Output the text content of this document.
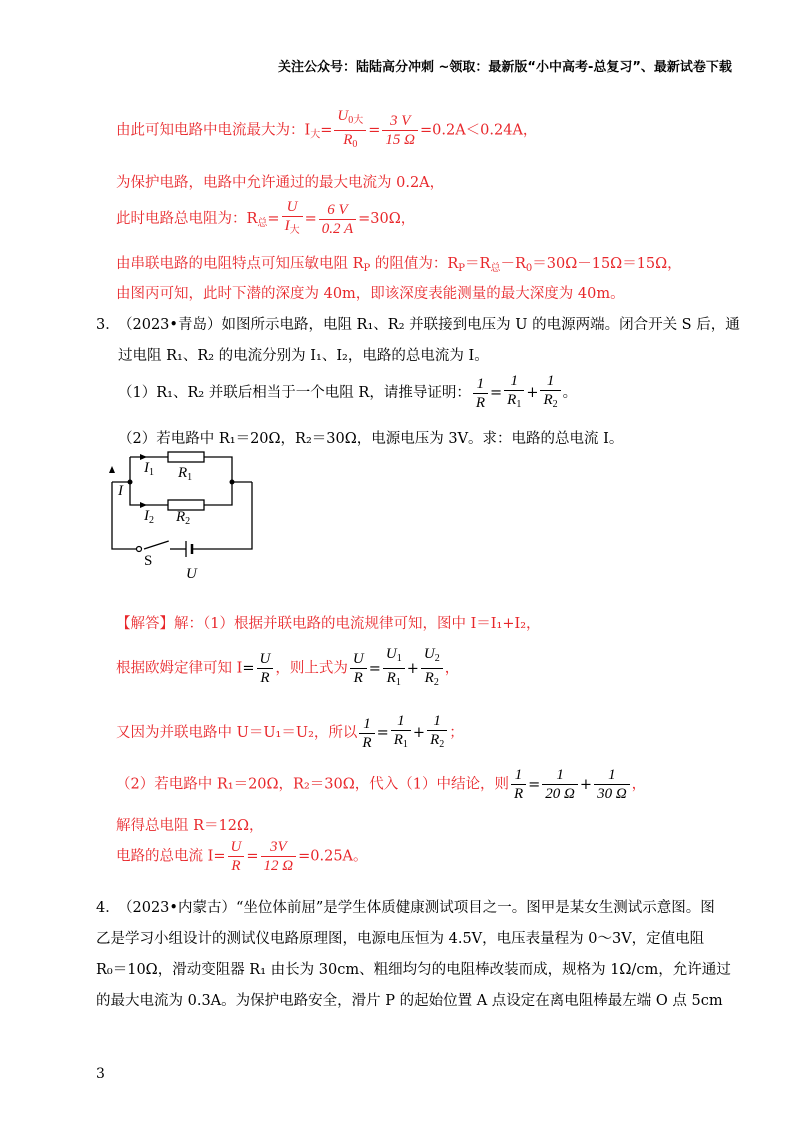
关注公众号：陆陆高分冲刺 ~领取：最新版“小中高考-总复习”、最新试卷下载
由此可知电路中电流最大为：$I_大= \frac{U_{0大}}{R_0} = \frac{3 V}{15 \Omega} =0.2A<0.24A$，
为保护电路，电路中允许通过的最大电流为 0.2A，
此时电路总电阻为：$R_总= \frac{U}{I_大} = \frac{6 V}{0.2 A} =30\Omega$，
由串联电路的电阻特点可知压敏电阻 $R_P$ 的阻值为：$R_P=R_总-R_0=30\Omega-15\Omega=15\Omega$，
由图丙可知，此时下潜的深度为 40m，即该深度表能测量的最大深度为 40m。
3．
（2023•青岛）如图所示电路，电阻 R₁、R₂ 并联接到电压为 U 的电源两端。闭合开关 S 后，通
过电阻 R₁、R₂ 的电流分别为 I₁、I₂，电路的总电流为 I。
（1）R₁、R₂ 并联后相当于一个电阻 R，请推导证明： $\frac{1}{R} = \frac{1}{R_1} + \frac{1}{R_2}$ 。
（2）若电路中 R₁＝20Ω，R₂＝30Ω，电源电压为 3V。求：电路的总电流 I。
$I_1$ $R_1$
I
$I_2$ $R_2$
S
U
【解答】解：（1）根据并联电路的电流规律可知，图中 I＝I₁+I₂，
根据欧姆定律可知 $I= \frac{U}{R}$ ，则上式为 $\frac{U}{R} = \frac{U_1}{R_1} + \frac{U_2}{R_2}$ ，
又因为并联电路中 U＝U₁＝U₂，所以 $\frac{1}{R} = \frac{1}{R_1} + \frac{1}{R_2}$ ；
（2）若电路中 R₁＝20Ω，R₂＝30Ω，代入（1）中结论，则 $\frac{1}{R} = \frac{1}{20 \Omega} + \frac{1}{30 \Omega}$ ，
解得总电阻 R＝12Ω，
电路的总电流 $I= \frac{U}{R} = \frac{3V}{12 \Omega} =0.25A$。
4．
（2023•内蒙古）“坐位体前屈”是学生体质健康测试项目之一。图甲是某女生测试示意图。图
乙是学习小组设计的测试仪电路原理图，电源电压恒为 4.5V，电压表量程为 0～3V，定值电阻
R₀＝10Ω，滑动变阻器 R₁ 由长为 30cm、粗细均匀的电阻棒改装而成，规格为 1Ω/cm，允许通过
的最大电流为 0.3A。为保护电路安全，滑片 P 的起始位置 A 点设定在离电阻棒最左端 O 点 5cm
3
